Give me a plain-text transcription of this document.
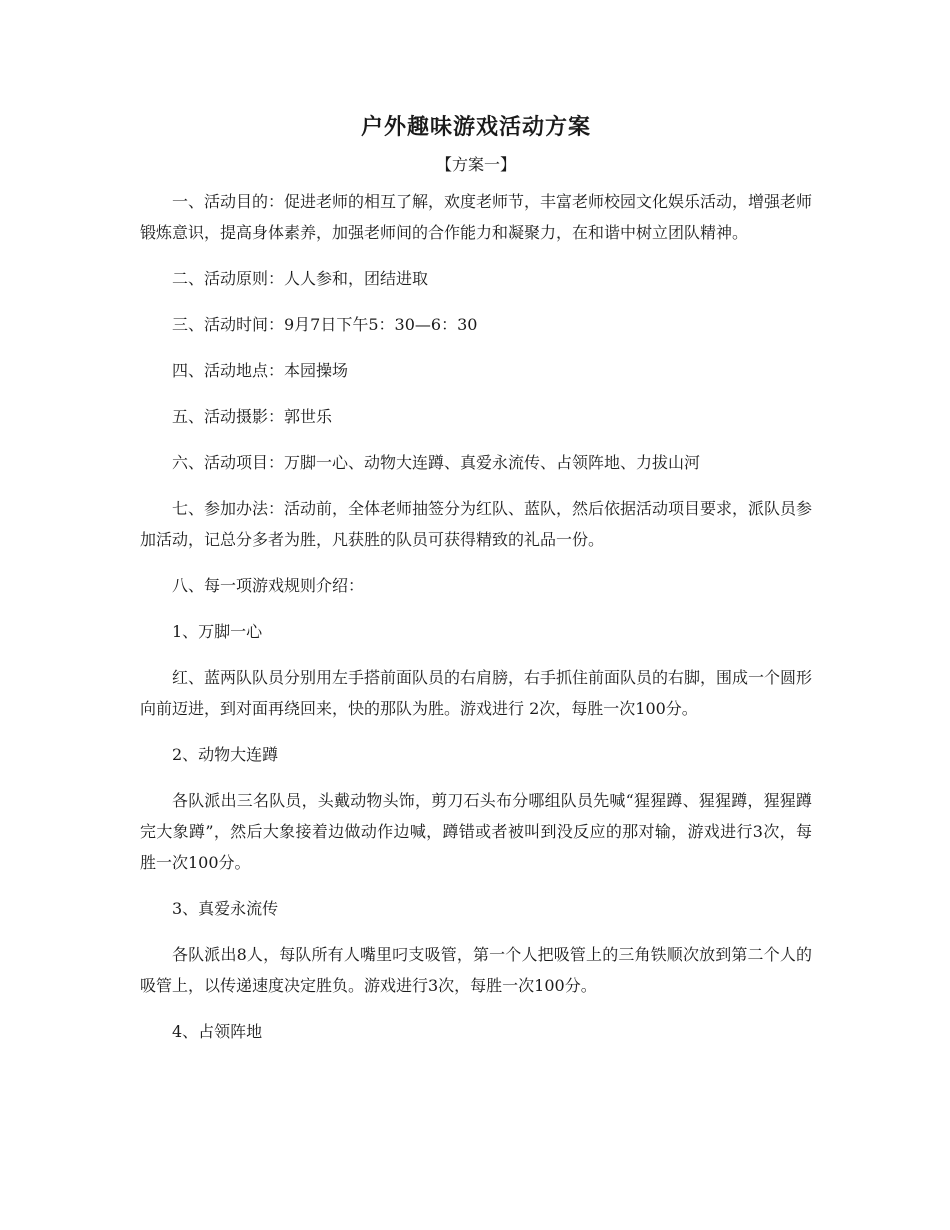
户外趣味游戏活动方案

【方案一】

一、活动目的：促进老师的相互了解，欢度老师节，丰富老师校园文化娱乐活动，增强老师锻炼意识，提高身体素养，加强老师间的合作能力和凝聚力，在和谐中树立团队精神。

二、活动原则：人人参和，团结进取

三、活动时间：9月7日下午5：30—6：30

四、活动地点：本园操场

五、活动摄影：郭世乐

六、活动项目：万脚一心、动物大连蹲、真爱永流传、占领阵地、力拔山河

七、参加办法：活动前，全体老师抽签分为红队、蓝队，然后依据活动项目要求，派队员参加活动，记总分多者为胜，凡获胜的队员可获得精致的礼品一份。

八、每一项游戏规则介绍：

1、万脚一心

红、蓝两队队员分别用左手搭前面队员的右肩膀，右手抓住前面队员的右脚，围成一个圆形向前迈进，到对面再绕回来，快的那队为胜。游戏进行 2次，每胜一次100分。

2、动物大连蹲

各队派出三名队员，头戴动物头饰，剪刀石头布分哪组队员先喊“猩猩蹲、猩猩蹲，猩猩蹲完大象蹲”，然后大象接着边做动作边喊，蹲错或者被叫到没反应的那对输，游戏进行3次，每胜一次100分。

3、真爱永流传

各队派出8人，每队所有人嘴里叼支吸管，第一个人把吸管上的三角铁顺次放到第二个人的吸管上，以传递速度决定胜负。游戏进行3次，每胜一次100分。

4、占领阵地
